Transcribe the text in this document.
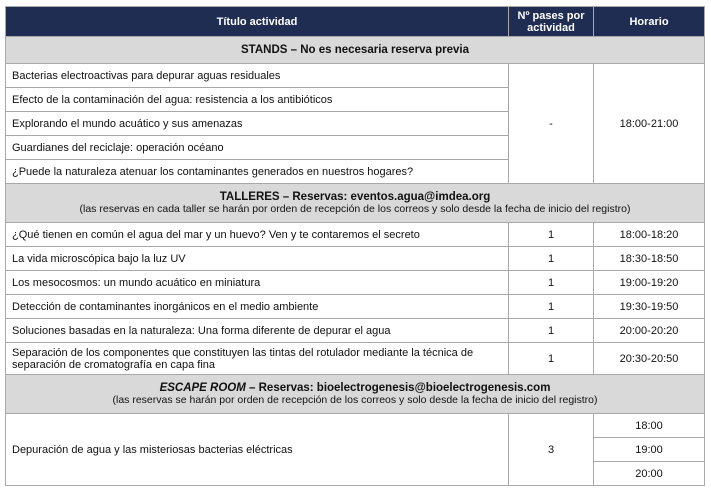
Título actividad	Nº pases por actividad	Horario
STANDS – No es necesaria reserva previa		
Bacterias electroactivas para depurar aguas residuales	-	18:00-21:00
Efecto de la contaminación del agua: resistencia a los antibióticos		
Explorando el mundo acuático y sus amenazas		
Guardianes del reciclaje: operación océano		
¿Puede la naturaleza atenuar los contaminantes generados en nuestros hogares?		

TALLERES – Reservas: eventos.agua@imdea.org
(las reservas en cada taller se harán por orden de recepción de los correos y solo desde la fecha de inicio del registro)		

¿Qué tienen en común el agua del mar y un huevo? Ven y te contaremos el secreto	1	18:00-18:20
La vida microscópica bajo la luz UV	1	18:30-18:50
Los mesocosmos: un mundo acuático en miniatura	1	19:00-19:20
Detección de contaminantes inorgánicos en el medio ambiente	1	19:30-19:50
Soluciones basadas en la naturaleza: Una forma diferente de depurar el agua	1	20:00-20:20
Separación de los componentes que constituyen las tintas del rotulador mediante la técnica de separación de cromatografía en capa fina	1	20:30-20:50

ESCAPE ROOM – Reservas: bioelectrogenesis@bioelectrogenesis.com
(las reservas se harán por orden de recepción de los correos y solo desde la fecha de inicio del registro)		

Depuración de agua y las misteriosas bacterias eléctricas	3	18:00
		19:00
		20:00
